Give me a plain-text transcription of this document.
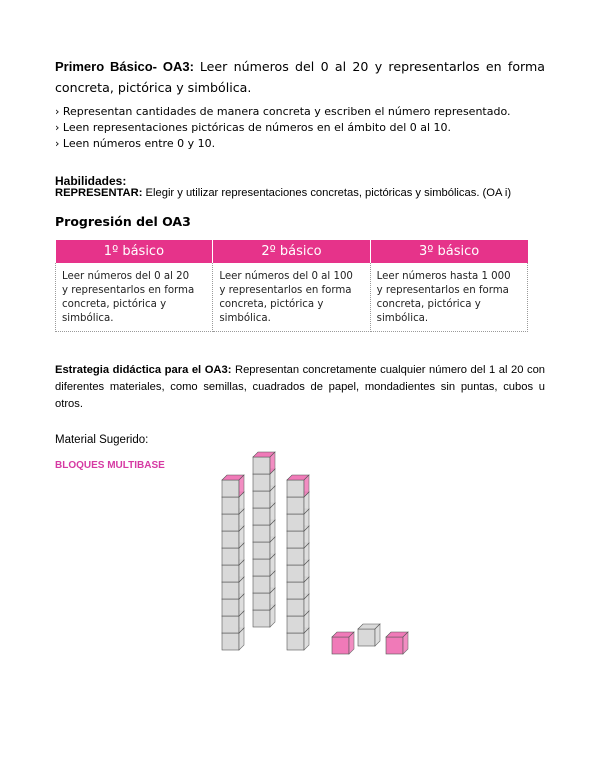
Primero Básico- OA3: Leer números del 0 al 20 y representarlos en forma concreta, pictórica y simbólica.
› Representan cantidades de manera concreta y escriben el número representado.
› Leen representaciones pictóricas de números en el ámbito del 0 al 10.
› Leen números entre 0 y 10.
Habilidades:
REPRESENTAR: Elegir y utilizar representaciones concretas, pictóricas y simbólicas. (OA i)
Progresión del OA3
1º básico	2º básico	3º básico
Leer números del 0 al 20
y representarlos en forma
concreta, pictórica y simbólica.	Leer números del 0 al 100
y representarlos en forma
concreta, pictórica y simbólica.	Leer números hasta 1 000
y representarlos en forma
concreta, pictórica y simbólica.
Estrategia didáctica para el OA3: Representan concretamente cualquier número del 1 al 20 con diferentes materiales, como semillas, cuadrados de papel, mondadientes sin puntas, cubos u otros.
Material Sugerido:
BLOQUES MULTIBASE
